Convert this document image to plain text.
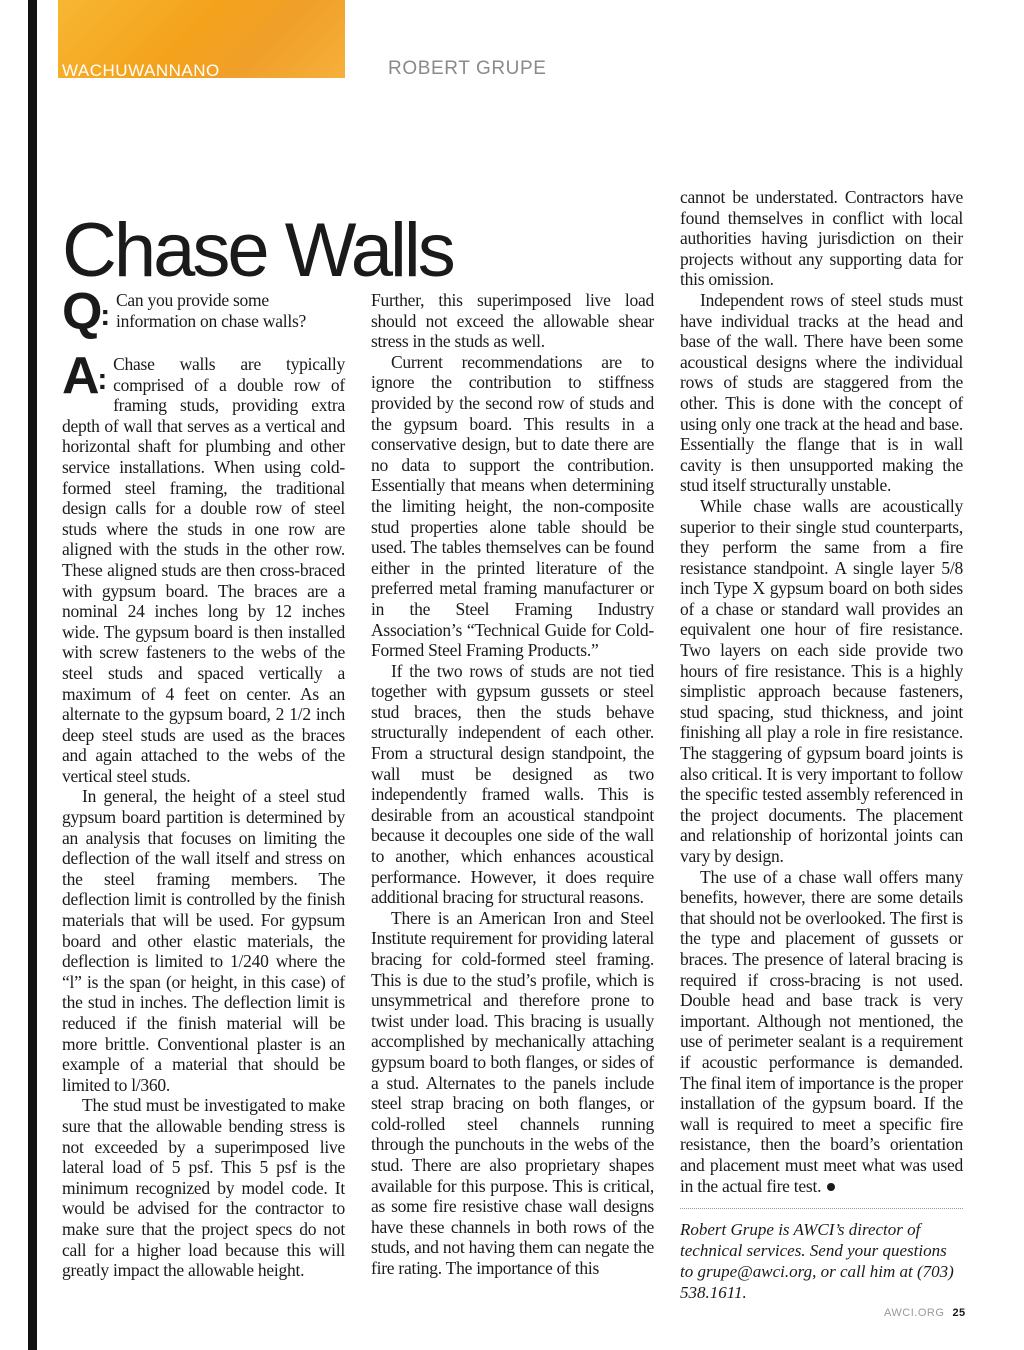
WACHUWANNANO	ROBERT GRUPE
Chase Walls
Q: Can you provide some information on chase walls?

A: Chase walls are typically comprised of a double row of framing studs, providing extra depth of wall that serves as a vertical and horizontal shaft for plumbing and other service installations. When using cold-formed steel framing, the traditional design calls for a double row of steel studs where the studs in one row are aligned with the studs in the other row. These aligned studs are then cross-braced with gypsum board. The braces are a nominal 24 inches long by 12 inches wide. The gypsum board is then installed with screw fasteners to the webs of the steel studs and spaced vertically a maximum of 4 feet on center. As an alternate to the gypsum board, 2 1/2 inch deep steel studs are used as the braces and again attached to the webs of the vertical steel studs.

In general, the height of a steel stud gypsum board partition is determined by an analysis that focuses on limiting the deflection of the wall itself and stress on the steel framing members. The deflection limit is controlled by the finish materials that will be used. For gypsum board and other elastic materials, the deflection is limited to 1/240 where the “l” is the span (or height, in this case) of the stud in inches. The deflection limit is reduced if the finish material will be more brittle. Conventional plaster is an example of a material that should be limited to l/360.

The stud must be investigated to make sure that the allowable bending stress is not exceeded by a superimposed live lateral load of 5 psf. This 5 psf is the minimum recognized by model code. It would be advised for the contractor to make sure that the project specs do not call for a higher load because this will greatly impact the allowable height.

Further, this superimposed live load should not exceed the allowable shear stress in the studs as well.

Current recommendations are to ignore the contribution to stiffness provided by the second row of studs and the gypsum board. This results in a conservative design, but to date there are no data to support the contribution. Essentially that means when determining the limiting height, the non-composite stud properties alone table should be used. The tables themselves can be found either in the printed literature of the preferred metal framing manufacturer or in the Steel Framing Industry Association’s “Technical Guide for Cold-Formed Steel Framing Products.”

If the two rows of studs are not tied together with gypsum gussets or steel stud braces, then the studs behave structurally independent of each other. From a structural design standpoint, the wall must be designed as two independently framed walls. This is desirable from an acoustical standpoint because it decouples one side of the wall to another, which enhances acoustical performance. However, it does require additional bracing for structural reasons.

There is an American Iron and Steel Institute requirement for providing lateral bracing for cold-formed steel framing. This is due to the stud’s profile, which is unsymmetrical and therefore prone to twist under load. This bracing is usually accomplished by mechanically attaching gypsum board to both flanges, or sides of a stud. Alternates to the panels include steel strap bracing on both flanges, or cold-rolled steel channels running through the punchouts in the webs of the stud. There are also proprietary shapes available for this purpose. This is critical, as some fire resistive chase wall designs have these channels in both rows of the studs, and not having them can negate the fire rating. The importance of this

cannot be understated. Contractors have found themselves in conflict with local authorities having jurisdiction on their projects without any supporting data for this omission.

Independent rows of steel studs must have individual tracks at the head and base of the wall. There have been some acoustical designs where the individual rows of studs are staggered from the other. This is done with the concept of using only one track at the head and base. Essentially the flange that is in wall cavity is then unsupported making the stud itself structurally unstable.

While chase walls are acoustically superior to their single stud counterparts, they perform the same from a fire resistance standpoint. A single layer 5/8 inch Type X gypsum board on both sides of a chase or standard wall provides an equivalent one hour of fire resistance. Two layers on each side provide two hours of fire resistance. This is a highly simplistic approach because fasteners, stud spacing, stud thickness, and joint finishing all play a role in fire resistance. The staggering of gypsum board joints is also critical. It is very important to follow the specific tested assembly referenced in the project documents. The placement and relationship of horizontal joints can vary by design.

The use of a chase wall offers many benefits, however, there are some details that should not be overlooked. The first is the type and placement of gussets or braces. The presence of lateral bracing is required if cross-bracing is not used. Double head and base track is very important. Although not mentioned, the use of perimeter sealant is a requirement if acoustic performance is demanded. The final item of importance is the proper installation of the gypsum board. If the wall is required to meet a specific fire resistance, then the board’s orientation and placement must meet what was used in the actual fire test.

Robert Grupe is AWCI’s director of technical services. Send your questions to grupe@awci.org, or call him at (703) 538.1611.
AWCI.ORG 25
